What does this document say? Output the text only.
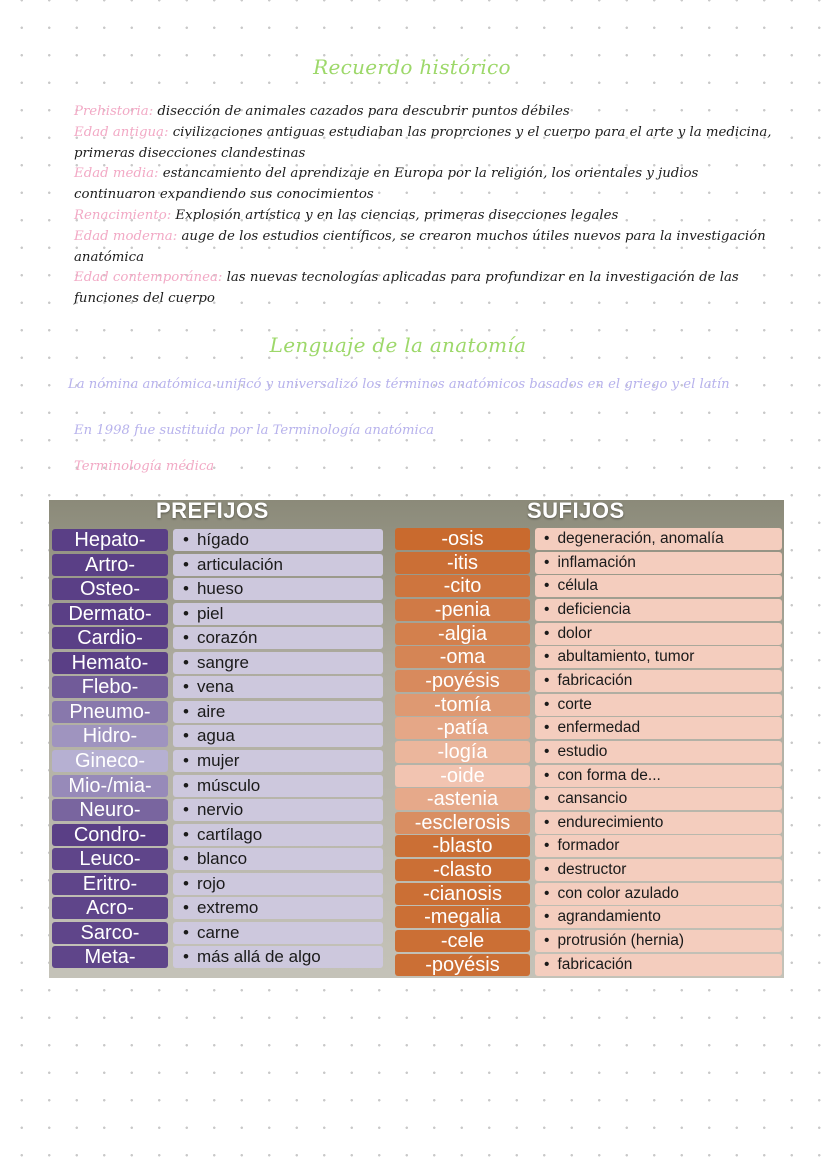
Recuerdo histórico

Prehistoria: disección de animales cazados para descubrir puntos débiles

Edad antigua: civilizaciones antiguas estudiaban las proprciones y el cuerpo para el arte y la medicina, primeras disecciones clandestinas

Edad media: estancamiento del aprendizaje en Europa por la religión, los orientales y judios continuaron expandiendo sus conocimientos

Renacimiento: Explosión artística y en las ciencias, primeras disecciones legales

Edad moderna: auge de los estudios científicos, se crearon muchos útiles nuevos para la investigación anatómica

Edad contemporánea: las nuevas tecnologías aplicadas para profundizar en la investigación de las funciones del cuerpo

Lenguaje de la anatomía
La nómina anatómica unificó y universalizó los términos anatómicos basados en el griego y el latín
En 1998 fue sustituida por la Terminología anatómica
Terminología médica
PREFIJOS	SUFIJOS
Hepato-	• hígado
Artro-	• articulación
Osteo-	• hueso
Dermato-	• piel
Cardio-	• corazón
Hemato-	• sangre
Flebo-	• vena
Pneumo-	• aire
Hidro-	• agua
Gineco-	• mujer
Mio-/mia-	• músculo
Neuro-	• nervio
Condro-	• cartílago
Leuco-	• blanco
Eritro-	• rojo
Acro-	• extremo
Sarco-	• carne
Meta-	• más allá de algo
-osis	• degeneración, anomalía
-itis	• inflamación
-cito	• célula
-penia	• deficiencia
-algia	• dolor
-oma	• abultamiento, tumor
-poyésis	• fabricación
-tomía	• corte
-patía	• enfermedad
-logía	• estudio
-oide	• con forma de...
-astenia	• cansancio
-esclerosis	• endurecimiento
-blasto	• formador
-clasto	• destructor
-cianosis	• con color azulado
-megalia	• agrandamiento
-cele	• protrusión (hernia)
-poyésis	• fabricación
